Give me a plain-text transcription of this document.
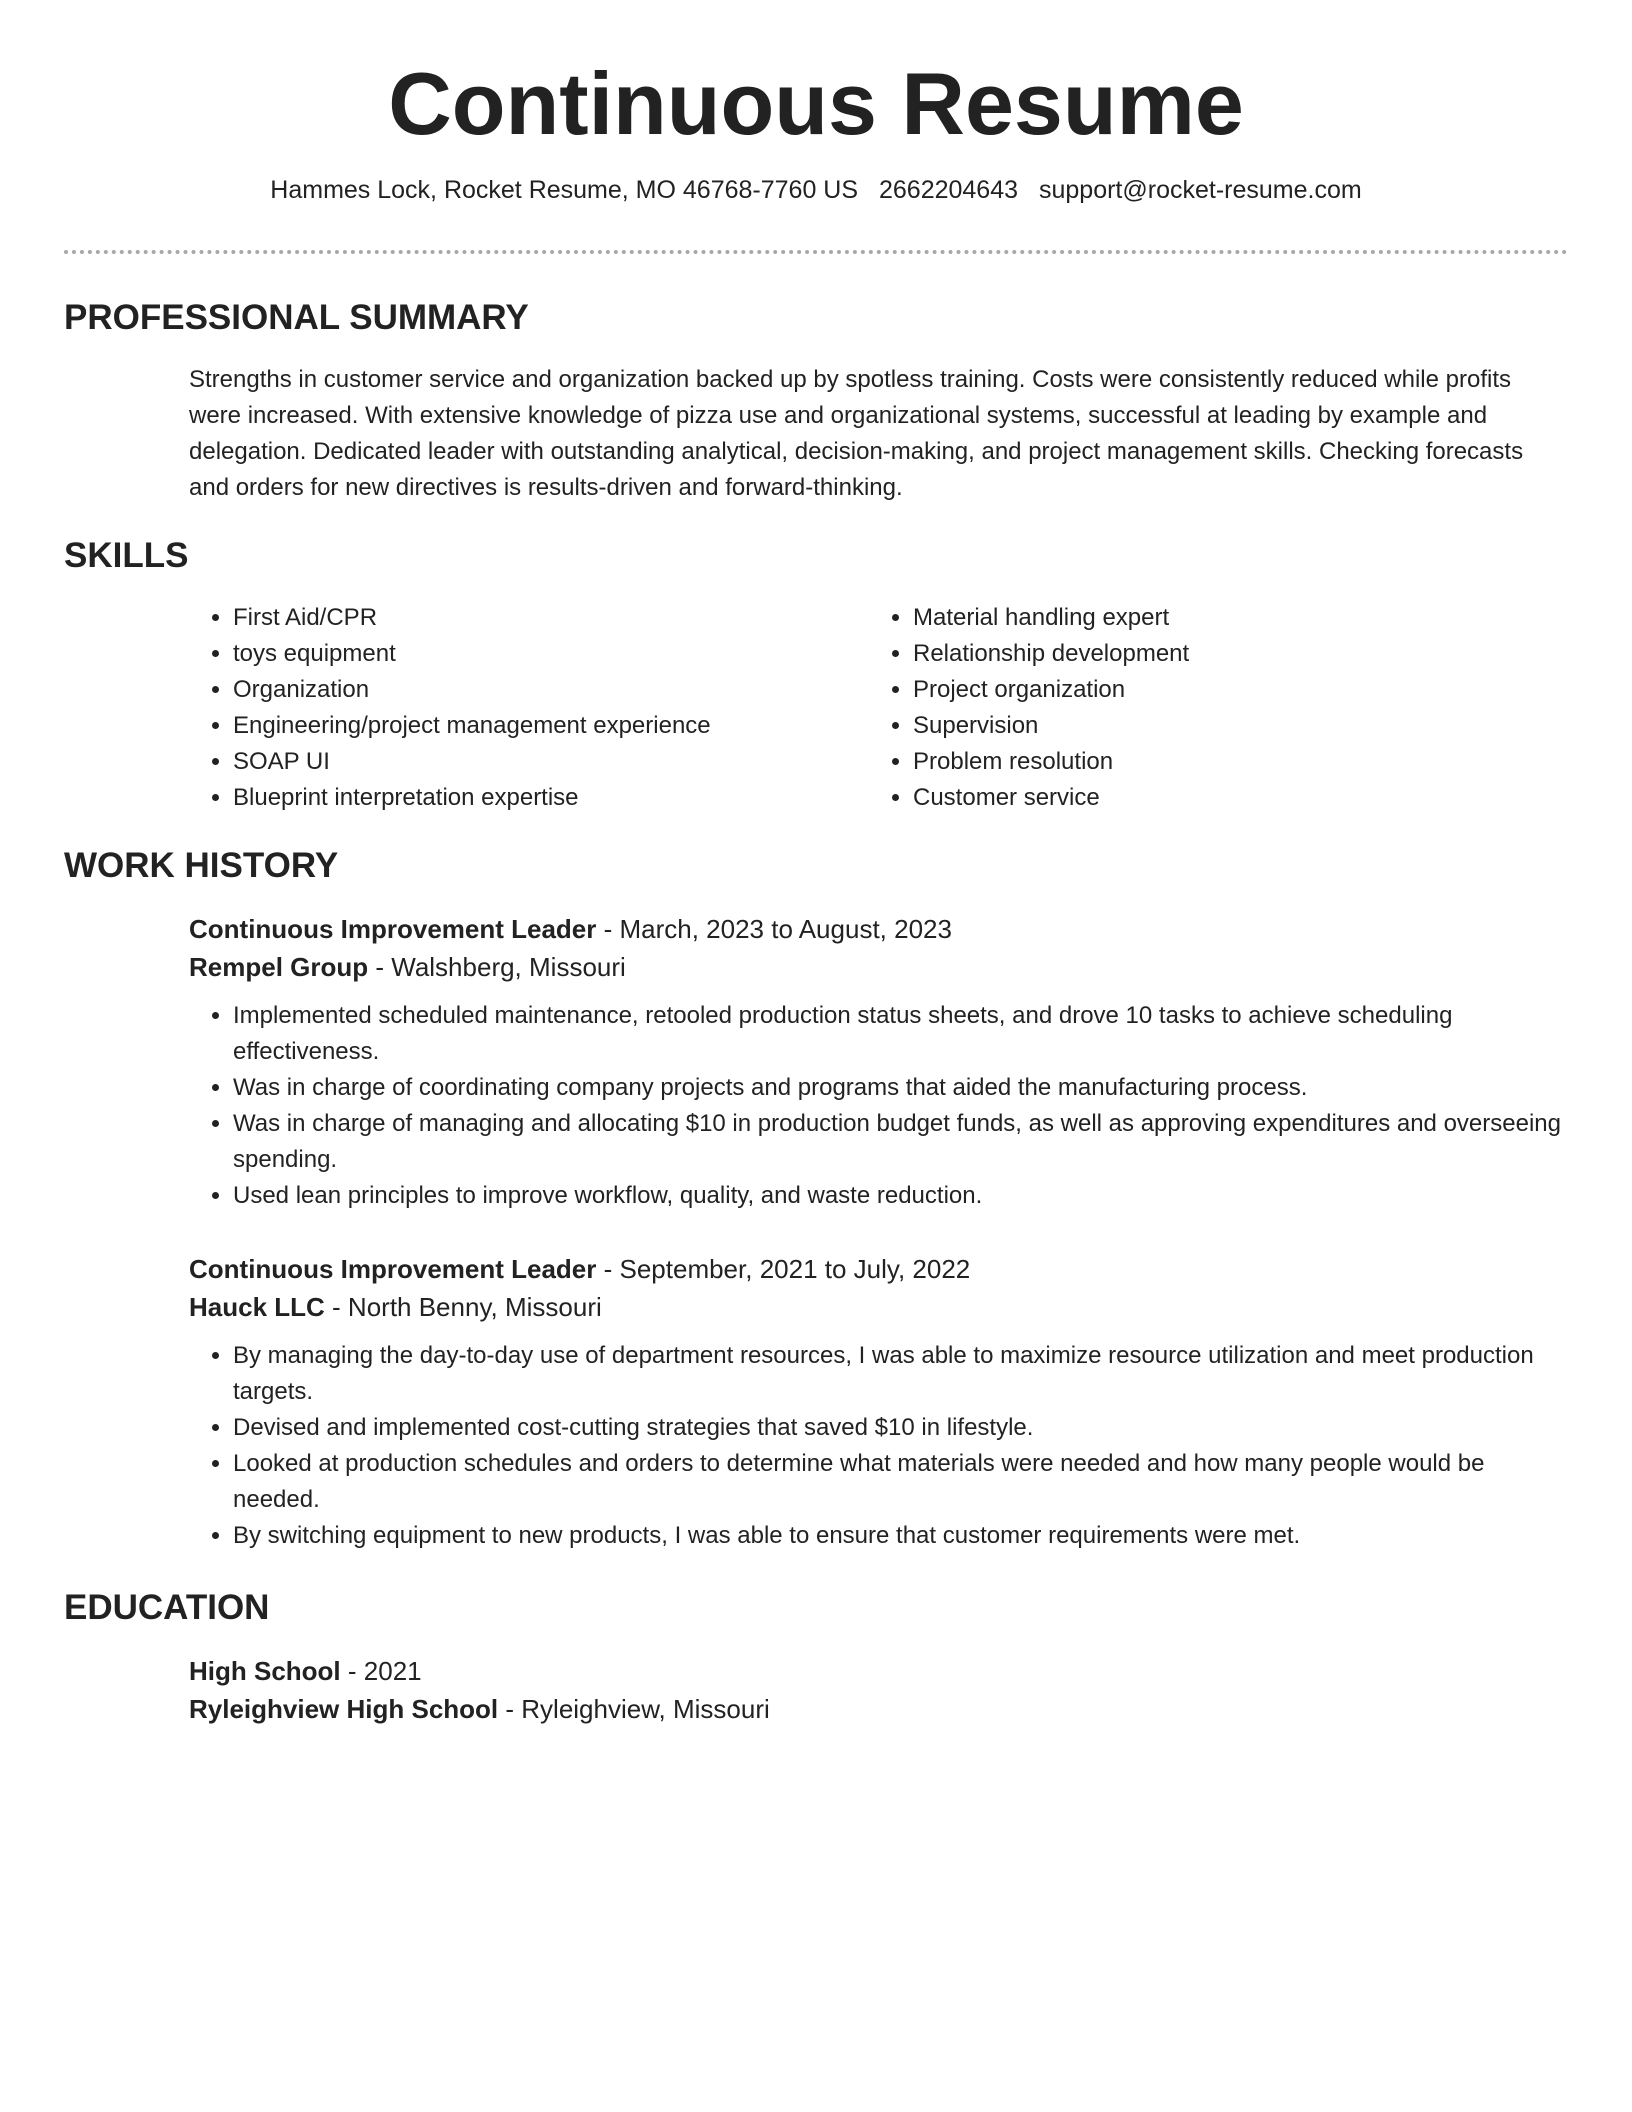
Continuous Resume
Hammes Lock, Rocket Resume, MO 46768-7760 US 2662204643 support@rocket-resume.com
PROFESSIONAL SUMMARY
Strengths in customer service and organization backed up by spotless training. Costs were consistently reduced while profits were increased. With extensive knowledge of pizza use and organizational systems, successful at leading by example and delegation. Dedicated leader with outstanding analytical, decision-making, and project management skills. Checking forecasts and orders for new directives is results-driven and forward-thinking.
SKILLS
• First Aid/CPR
• toys equipment
• Organization
• Engineering/project management experience
• SOAP UI
• Blueprint interpretation expertise
• Material handling expert
• Relationship development
• Project organization
• Supervision
• Problem resolution
• Customer service
WORK HISTORY
Continuous Improvement Leader - March, 2023 to August, 2023
Rempel Group - Walshberg, Missouri
• Implemented scheduled maintenance, retooled production status sheets, and drove 10 tasks to achieve scheduling effectiveness.
• Was in charge of coordinating company projects and programs that aided the manufacturing process.
• Was in charge of managing and allocating $10 in production budget funds, as well as approving expenditures and overseeing spending.
• Used lean principles to improve workflow, quality, and waste reduction.
Continuous Improvement Leader - September, 2021 to July, 2022
Hauck LLC - North Benny, Missouri
• By managing the day-to-day use of department resources, I was able to maximize resource utilization and meet production targets.
• Devised and implemented cost-cutting strategies that saved $10 in lifestyle.
• Looked at production schedules and orders to determine what materials were needed and how many people would be needed.
• By switching equipment to new products, I was able to ensure that customer requirements were met.
EDUCATION
High School - 2021
Ryleighview High School - Ryleighview, Missouri
